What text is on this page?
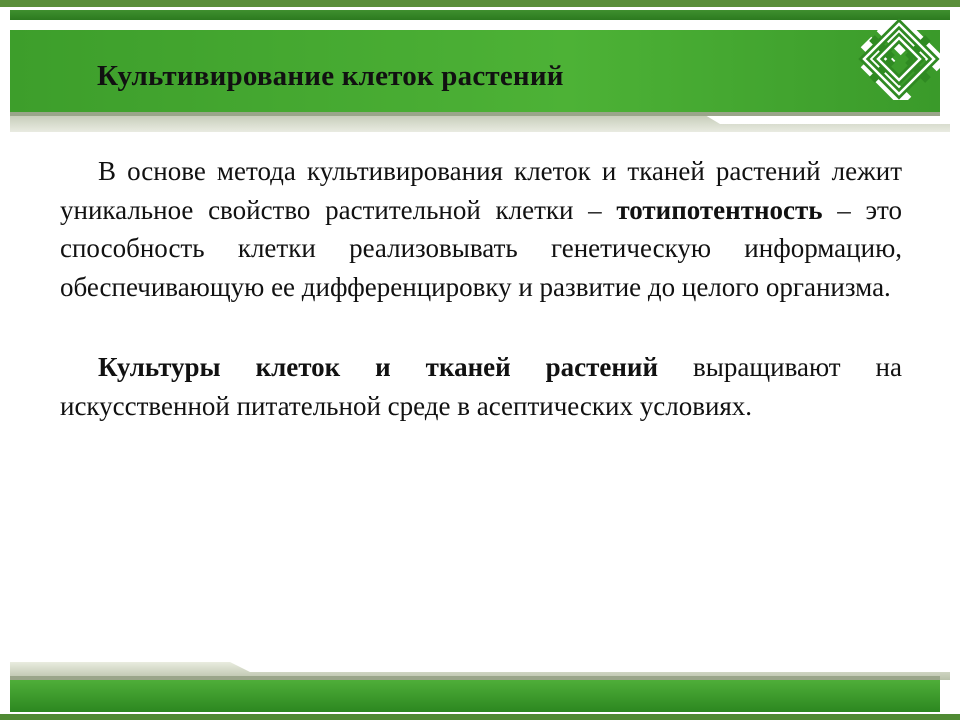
Культивирование клеток растений

В основе метода культивирования клеток и тканей растений лежит уникальное свойство растительной клетки – тотипотентность – это способность клетки реализовывать генетическую информацию, обеспечивающую ее дифференцировку и развитие до целого организма.

Культуры клеток и тканей растений выращивают на искусственной питательной среде в асептических условиях.
